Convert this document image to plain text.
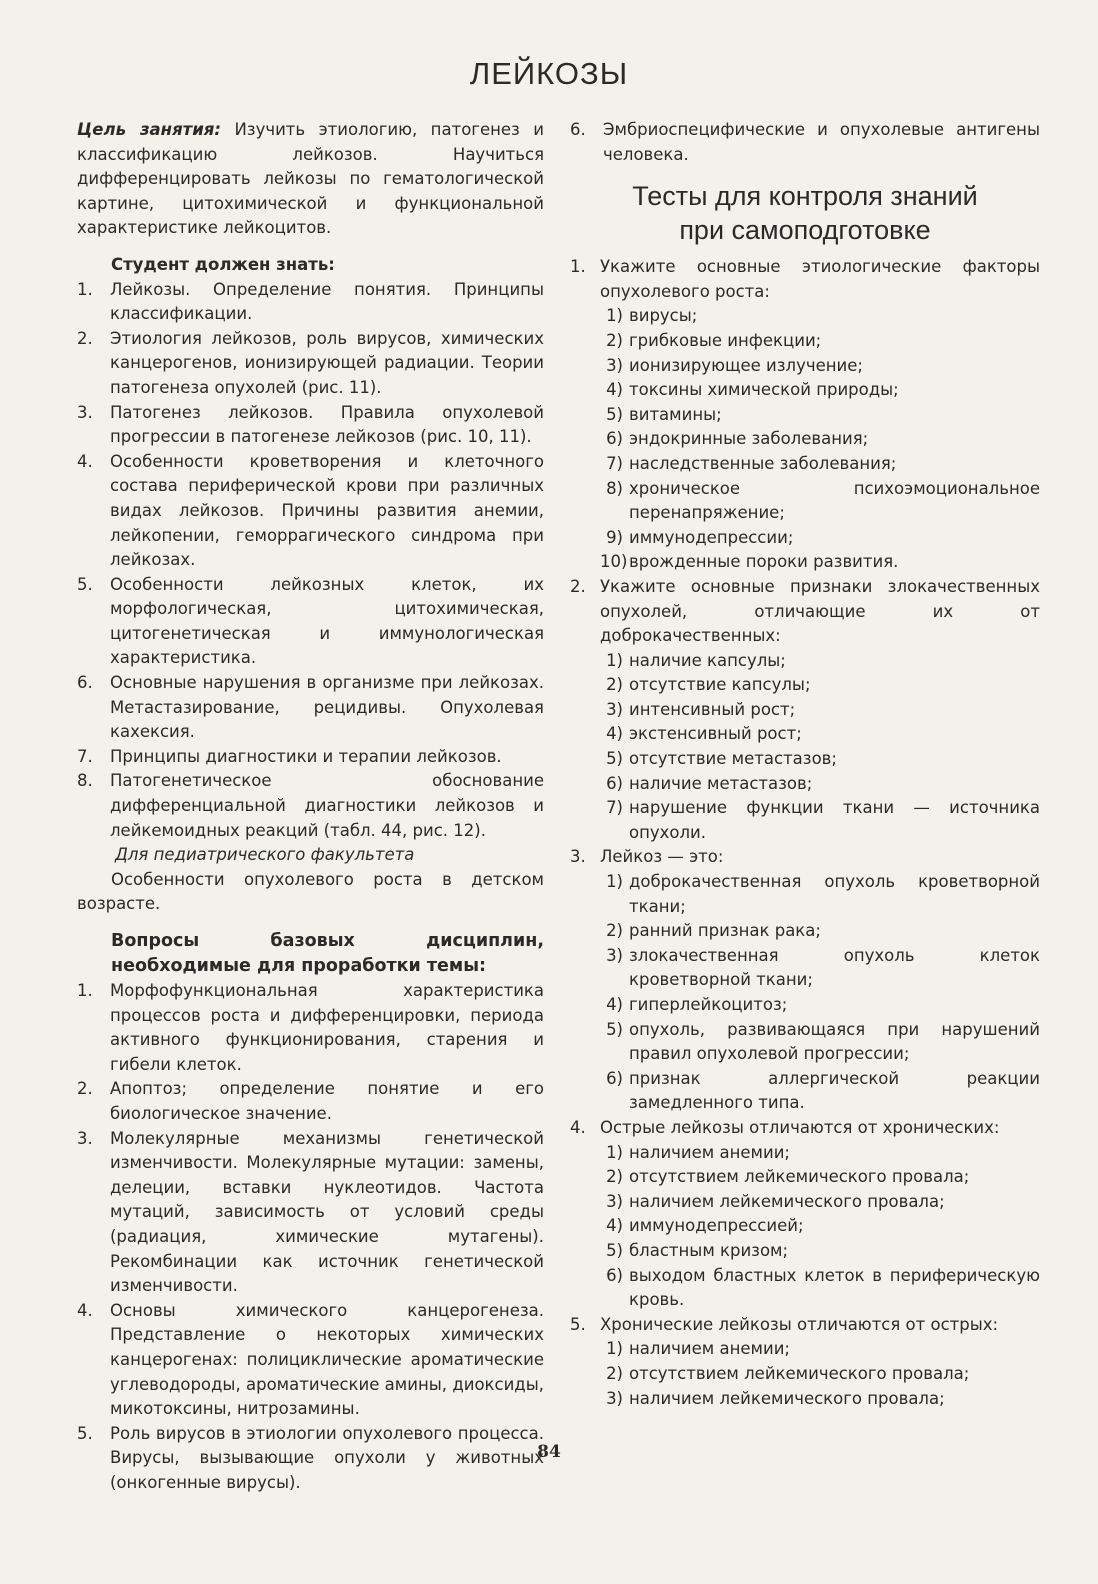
ЛЕЙКОЗЫ
Цель занятия: Изучить этиологию, патогенез и классификацию лейкозов. Научиться дифференцировать лейкозы по гематологической картине, цитохимической и функциональной характеристике лейкоцитов.
Студент должен знать:
1.	Лейкозы. Определение понятия. Принципы классификации.
2.	Этиология лейкозов, роль вирусов, химических канцерогенов, ионизирующей радиации. Теории патогенеза опухолей (рис. 11).
3.	Патогенез лейкозов. Правила опухолевой прогрессии в патогенезе лейкозов (рис. 10, 11).
4.	Особенности кроветворения и клеточного состава периферической крови при различных видах лейкозов. Причины развития анемии, лейкопении, геморрагического синдрома при лейкозах.
5.	Особенности лейкозных клеток, их морфологическая, цитохимическая, цитогенетическая и иммунологическая характеристика.
6.	Основные нарушения в организме при лейкозах. Метастазирование, рецидивы. Опухолевая кахексия.
7.	Принципы диагностики и терапии лейкозов.
8.	Патогенетическое обоснование дифференциальной диагностики лейкозов и лейкемоидных реакций (табл. 44, рис. 12).
Для педиатрического факультета
Особенности опухолевого роста в детском возрасте.
Вопросы базовых дисциплин, необходимые для проработки темы:
1.	Морфофункциональная характеристика процессов роста и дифференцировки, периода активного функционирования, старения и гибели клеток.
2.	Апоптоз; определение понятие и его биологическое значение.
3.	Молекулярные механизмы генетической изменчивости. Молекулярные мутации: замены, делеции, вставки нуклеотидов. Частота мутаций, зависимость от условий среды (радиация, химические мутагены). Рекомбинации как источник генетической изменчивости.
4.	Основы химического канцерогенеза. Представление о некоторых химических канцерогенах: полициклические ароматические углеводороды, ароматические амины, диоксиды, микотоксины, нитрозамины.
5.	Роль вирусов в этиологии опухолевого процесса. Вирусы, вызывающие опухоли у животных (онкогенные вирусы).
6.	Эмбриоспецифические и опухолевые антигены человека.
Тесты для контроля знаний
при самоподготовке
1. Укажите основные этиологические факторы опухолевого роста:
1) вирусы;
2) грибковые инфекции;
3) ионизирующее излучение;
4) токсины химической природы;
5) витамины;
6) эндокринные заболевания;
7) наследственные заболевания;
8) хроническое психоэмоциональное перенапряжение;
9) иммунодепрессии;
10) врожденные пороки развития.
2. Укажите основные признаки злокачественных опухолей, отличающие их от доброкачественных:
1) наличие капсулы;
2) отсутствие капсулы;
3) интенсивный рост;
4) экстенсивный рост;
5) отсутствие метастазов;
6) наличие метастазов;
7) нарушение функции ткани — источника опухоли.
3. Лейкоз — это:
1) доброкачественная опухоль кроветворной ткани;
2) ранний признак рака;
3) злокачественная опухоль клеток кроветворной ткани;
4) гиперлейкоцитоз;
5) опухоль, развивающаяся при нарушений правил опухолевой прогрессии;
6) признак аллергической реакции замедленного типа.
4. Острые лейкозы отличаются от хронических:
1) наличием анемии;
2) отсутствием лейкемического провала;
3) наличием лейкемического провала;
4) иммунодепрессией;
5) бластным кризом;
6) выходом бластных клеток в периферическую кровь.
5. Хронические лейкозы отличаются от острых:
1) наличием анемии;
2) отсутствием лейкемического провала;
3) наличием лейкемического провала;
84
